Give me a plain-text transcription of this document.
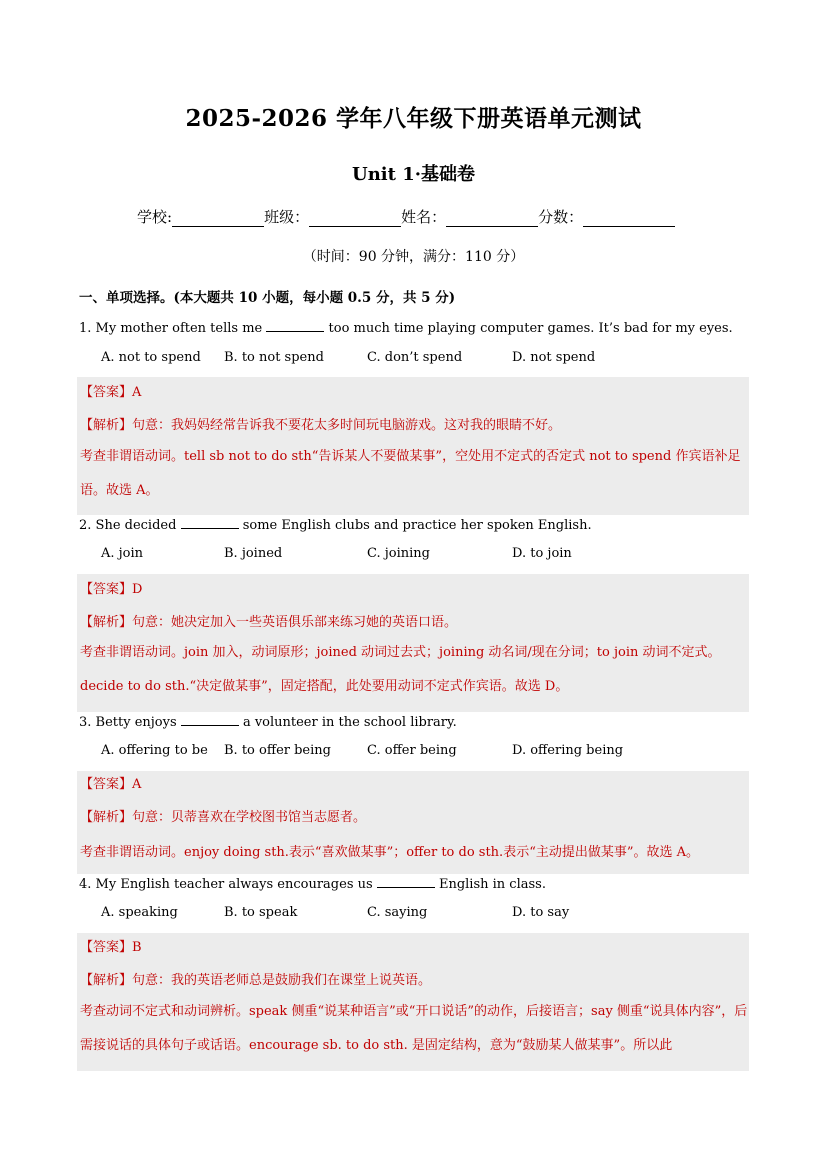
2025-2026 学年八年级下册英语单元测试
Unit 1·基础卷
学校:	班级：	姓名：	分数：
（时间：90 分钟，满分：110 分）
一、单项选择。(本大题共 10 小题，每小题 0.5 分，共 5 分)
1. My mother often tells me	too much time playing computer games. It’s bad for my eyes.
A. not to spend B. to not spend	C. don’t spend	D. not spend
【答案】A
【解析】句意：我妈妈经常告诉我不要花太多时间玩电脑游戏。这对我的眼睛不好。
考查非谓语动词。tell sb not to do sth“告诉某人不要做某事”，空处用不定式的否定式 not to spend 作宾语补足语。故选 A。
2. She decided	some English clubs and practice her spoken English.
A. join	B. joined	C. joining	D. to join
【答案】D
【解析】句意：她决定加入一些英语俱乐部来练习她的英语口语。
考查非谓语动词。join 加入，动词原形；joined 动词过去式；joining 动名词/现在分词；to join 动词不定式。decide to do sth.“决定做某事”，固定搭配，此处要用动词不定式作宾语。故选 D。
3. Betty enjoys	a volunteer in the school library.
A. offering to be B. to offer being	C. offer being	D. offering being
【答案】A
【解析】句意：贝蒂喜欢在学校图书馆当志愿者。
考查非谓语动词。enjoy doing sth.表示“喜欢做某事”；offer to do sth.表示“主动提出做某事”。故选 A。
4. My English teacher always encourages us	English in class.
A. speaking	B. to speak	C. saying	D. to say
【答案】B
【解析】句意：我的英语老师总是鼓励我们在课堂上说英语。
考查动词不定式和动词辨析。speak 侧重“说某种语言”或“开口说话”的动作，后接语言；say 侧重“说具体内容”，后需接说话的具体句子或话语。encourage sb. to do sth. 是固定结构，意为“鼓励某人做某事”。所以此
